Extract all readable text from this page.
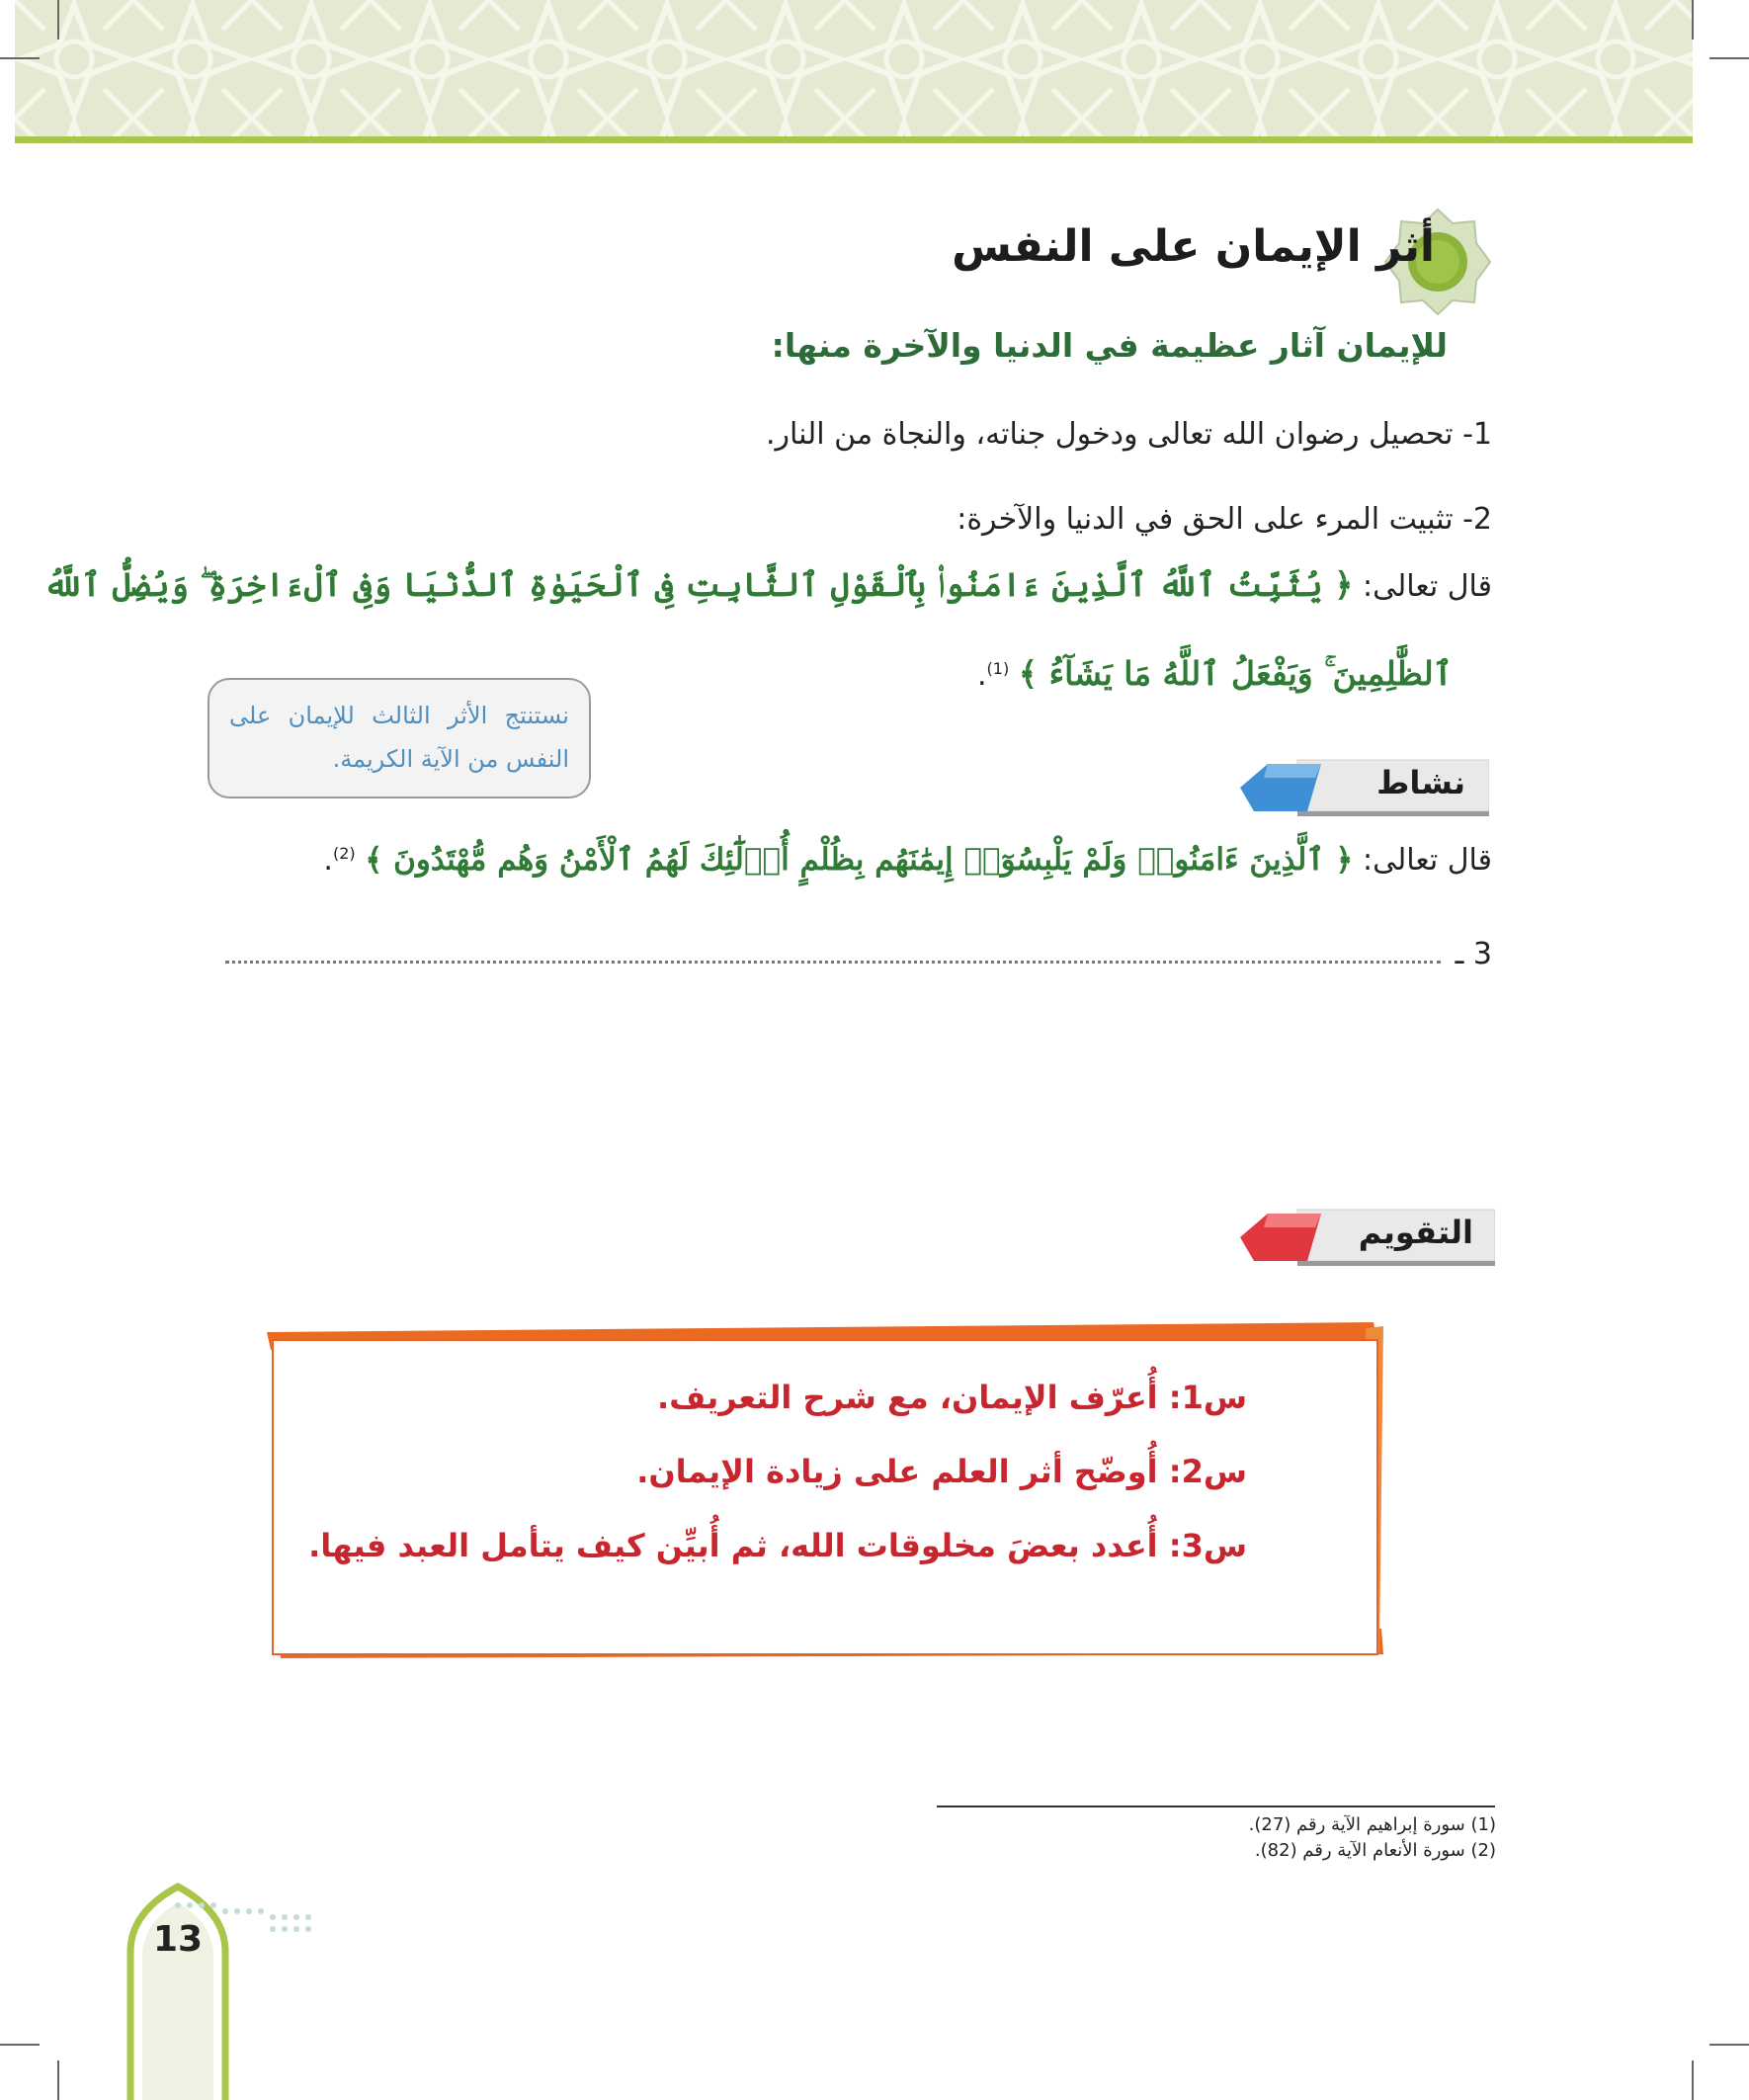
أثر الإيمان على النفس
للإيمان آثار عظيمة في الدنيا والآخرة منها:
1- تحصيل رضوان الله تعالى ودخول جناته، والنجاة من النار.
2- تثبيت المرء على الحق في الدنيا والآخرة:
قال تعالى: ﴿ يُثَبِّتُ ٱللَّهُ ٱلَّذِينَ ءَامَنُوا۟ بِٱلْقَوْلِ ٱلثَّابِتِ فِى ٱلْحَيَوٰةِ ٱلدُّنْيَا وَفِى ٱلْءَاخِرَةِ ۖ وَيُضِلُّ ٱللَّهُ
ٱلظَّٰلِمِينَ ۚ وَيَفْعَلُ ٱللَّهُ مَا يَشَآءُ ﴾ $^{(1)}$.
نستنتج الأثر الثالث للإيمان على النفس من الآية الكريمة.
نشاط
قال تعالى: ﴿ ٱلَّذِينَ ءَامَنُوا۟ وَلَمْ يَلْبِسُوٓا۟ إِيمَٰنَهُم بِظُلْمٍ أُو۟لَٰٓئِكَ لَهُمُ ٱلْأَمْنُ وَهُم مُّهْتَدُونَ ﴾ $^{(2)}$.
3 ـ
التقويم
س1: أُعرّف الإيمان، مع شرح التعريف.
س2: أُوضّح أثر العلم على زيادة الإيمان.
س3: أُعدد بعضَ مخلوقات الله، ثم أُبيِّن كيف يتأمل العبد فيها.
(1) سورة إبراهيم الآية رقم (27).
(2) سورة الأنعام الآية رقم (82).
13
